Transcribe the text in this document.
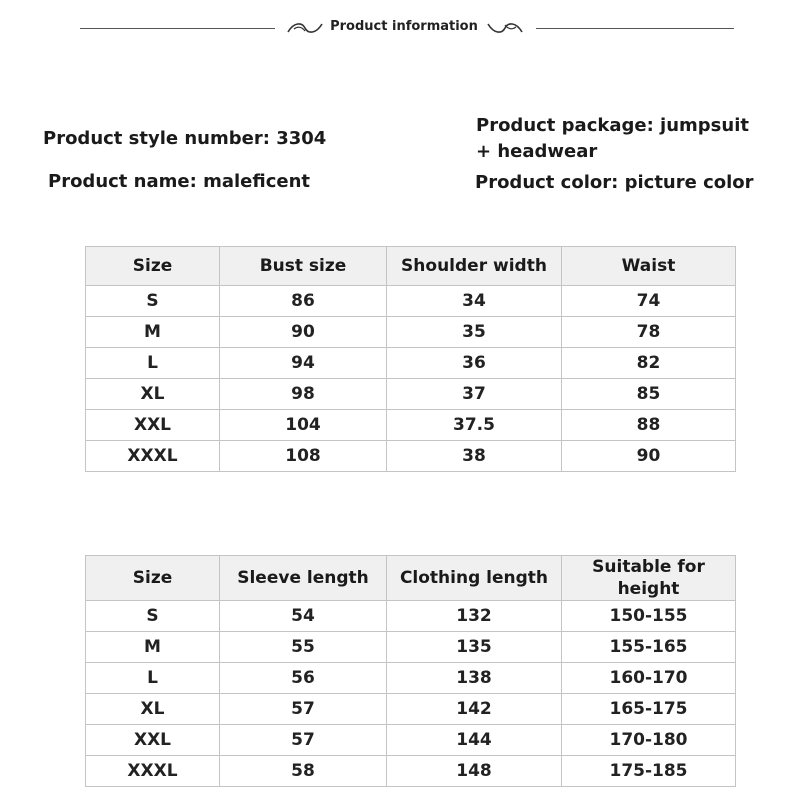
Product information
Product style number: 3304
Product name: maleficent
Product package: jumpsuit + headwear
Product color: picture color
Size	Bust size	Shoulder width	Waist
S	86	34	74
M	90	35	78
L	94	36	82
XL	98	37	85
XXL	104	37.5	88
XXXL	108	38	90
Size	Sleeve length	Clothing length	Suitable for height
S	54	132	150-155
M	55	135	155-165
L	56	138	160-170
XL	57	142	165-175
XXL	57	144	170-180
XXXL	58	148	175-185
